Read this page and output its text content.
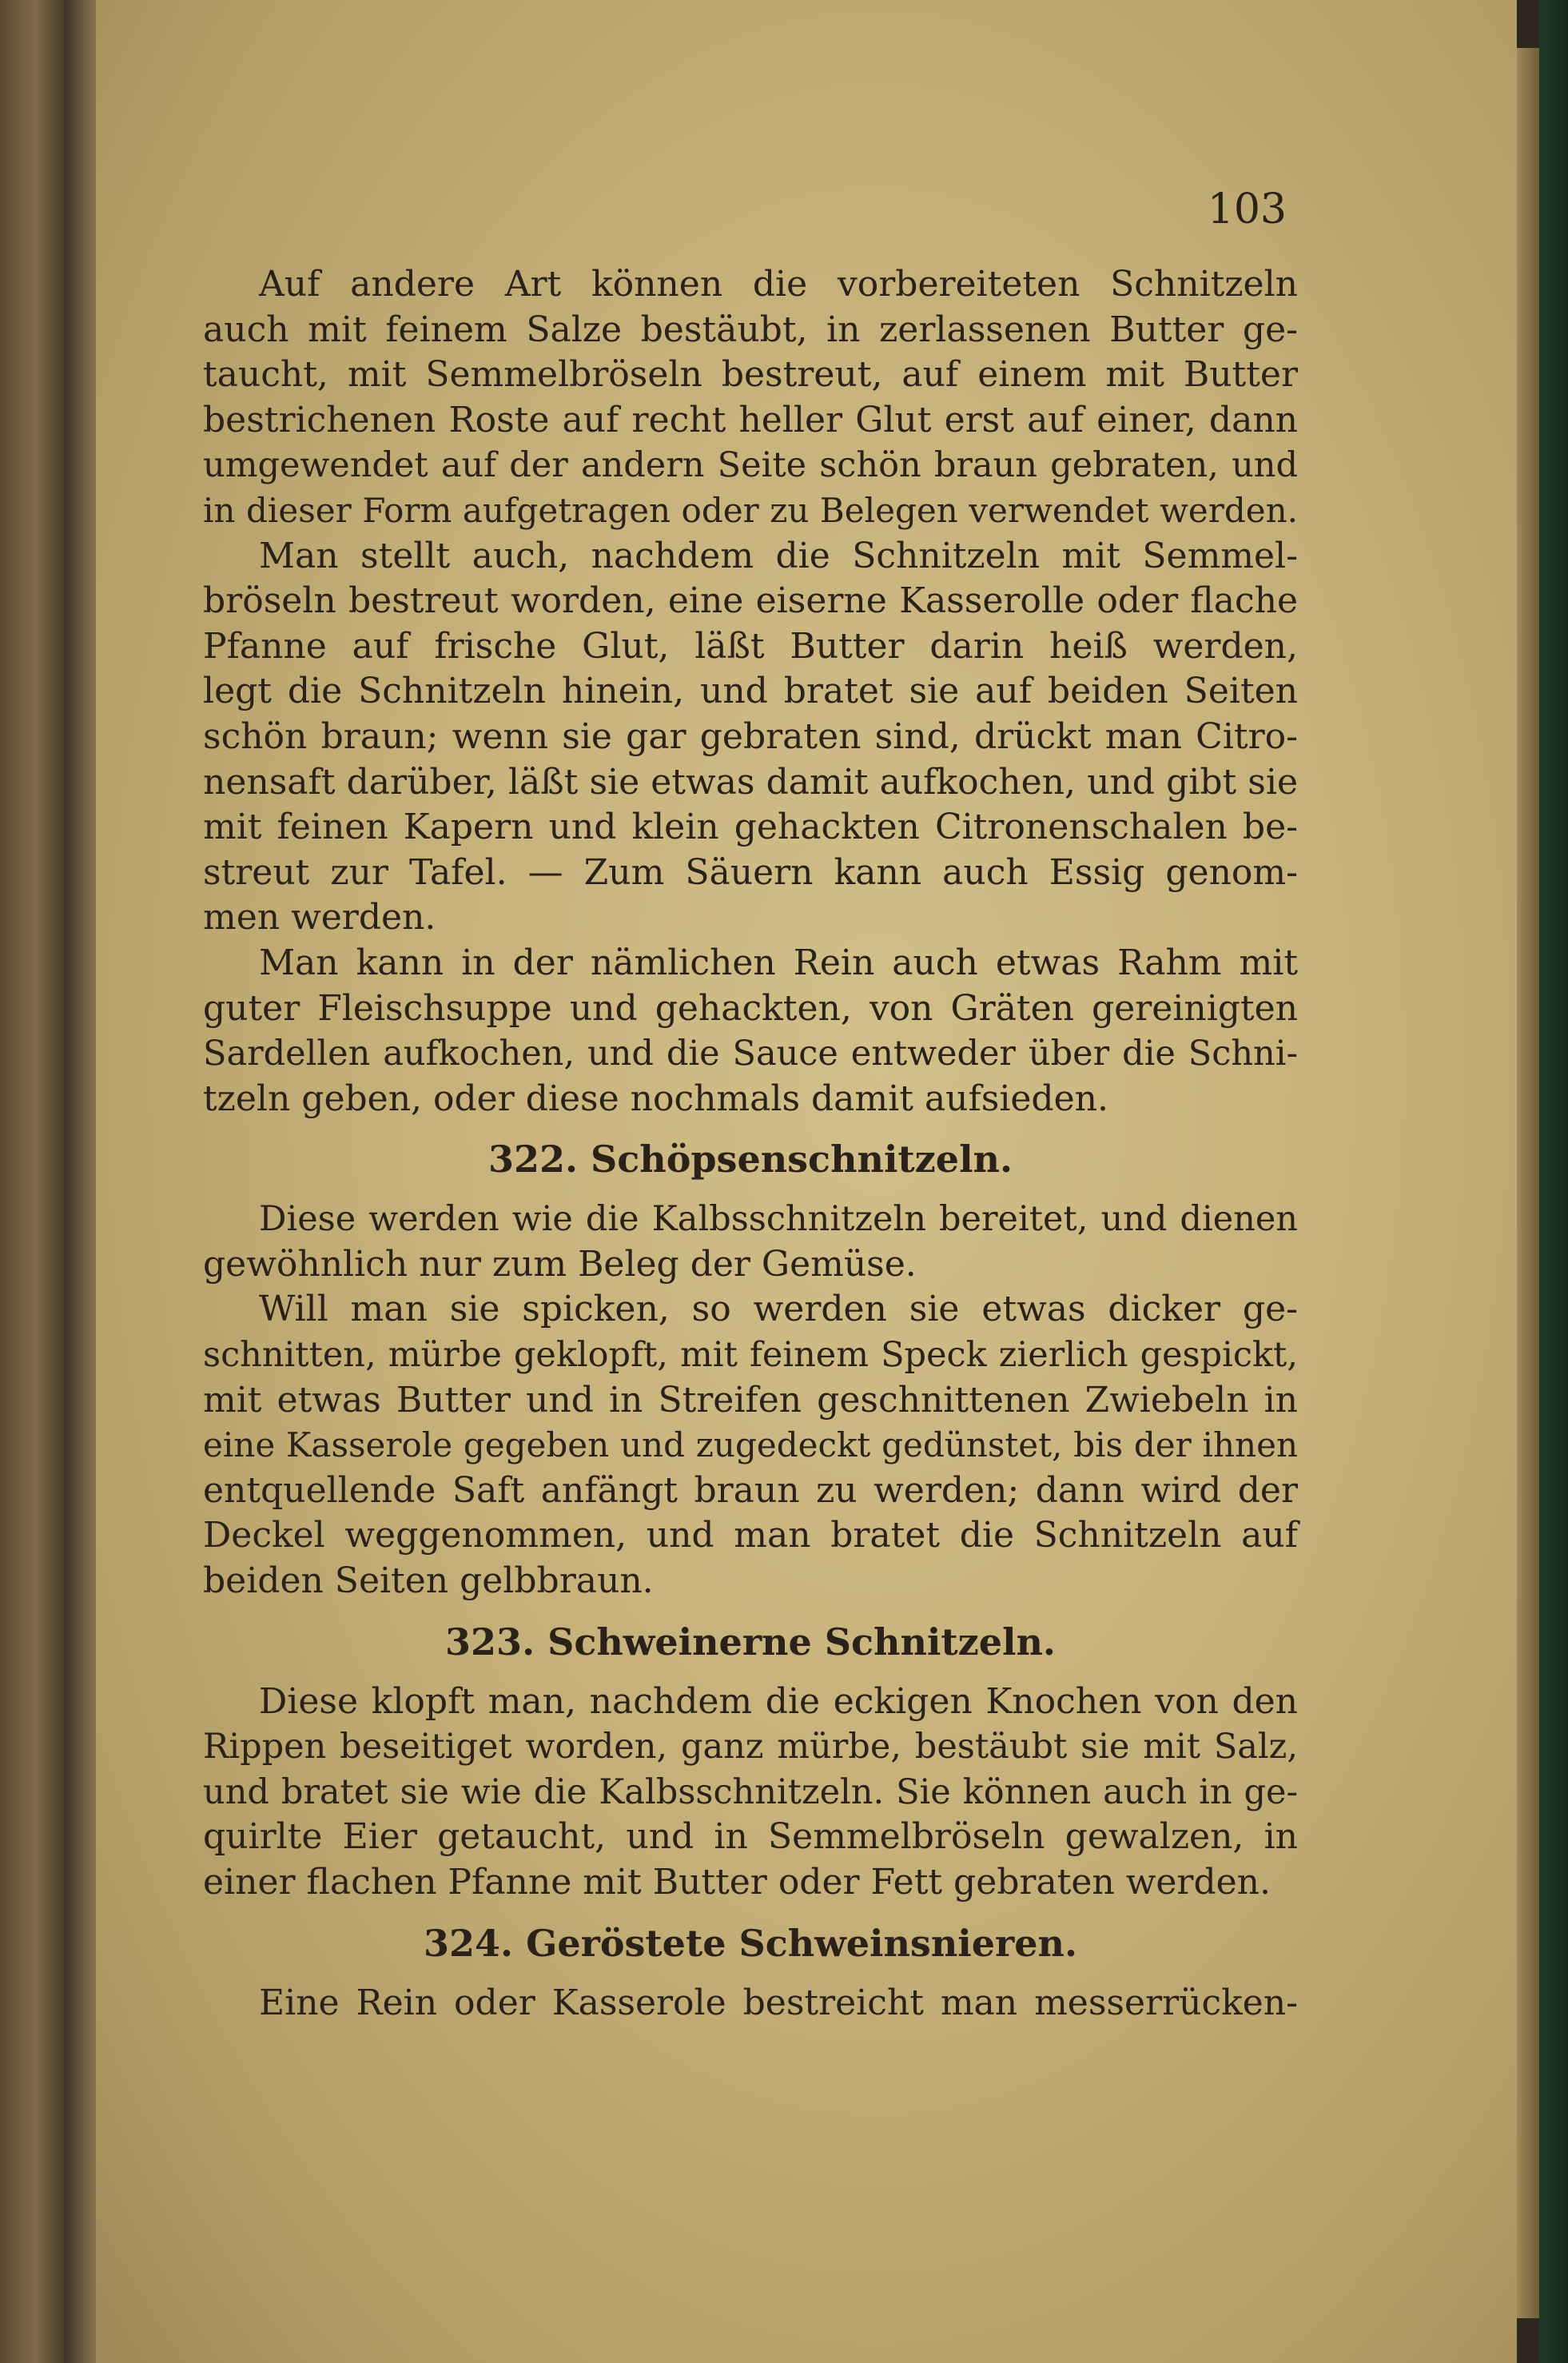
103
Auf andere Art können die vorbereiteten Schnitzeln
auch mit feinem Salze bestäubt, in zerlassenen Butter ge-
taucht, mit Semmelbröseln bestreut, auf einem mit Butter
bestrichenen Roste auf recht heller Glut erst auf einer, dann
umgewendet auf der andern Seite schön braun gebraten, und
in dieser Form aufgetragen oder zu Belegen verwendet werden.
Man stellt auch, nachdem die Schnitzeln mit Semmel-
bröseln bestreut worden, eine eiserne Kasserolle oder flache
Pfanne auf frische Glut, läßt Butter darin heiß werden,
legt die Schnitzeln hinein, und bratet sie auf beiden Seiten
schön braun; wenn sie gar gebraten sind, drückt man Citro-
nensaft darüber, läßt sie etwas damit aufkochen, und gibt sie
mit feinen Kapern und klein gehackten Citronenschalen be-
streut zur Tafel. — Zum Säuern kann auch Essig genom-
men werden.
Man kann in der nämlichen Rein auch etwas Rahm mit
guter Fleischsuppe und gehackten, von Gräten gereinigten
Sardellen aufkochen, und die Sauce entweder über die Schni-
tzeln geben, oder diese nochmals damit aufsieden.
322. Schöpsenschnitzeln.
Diese werden wie die Kalbsschnitzeln bereitet, und dienen
gewöhnlich nur zum Beleg der Gemüse.
Will man sie spicken, so werden sie etwas dicker ge-
schnitten, mürbe geklopft, mit feinem Speck zierlich gespickt,
mit etwas Butter und in Streifen geschnittenen Zwiebeln in
eine Kasserole gegeben und zugedeckt gedünstet, bis der ihnen
entquellende Saft anfängt braun zu werden; dann wird der
Deckel weggenommen, und man bratet die Schnitzeln auf
beiden Seiten gelbbraun.
323. Schweinerne Schnitzeln.
Diese klopft man, nachdem die eckigen Knochen von den
Rippen beseitiget worden, ganz mürbe, bestäubt sie mit Salz,
und bratet sie wie die Kalbsschnitzeln. Sie können auch in ge-
quirlte Eier getaucht, und in Semmelbröseln gewalzen, in
einer flachen Pfanne mit Butter oder Fett gebraten werden.
324. Geröstete Schweinsnieren.
Eine Rein oder Kasserole bestreicht man messerrücken-
